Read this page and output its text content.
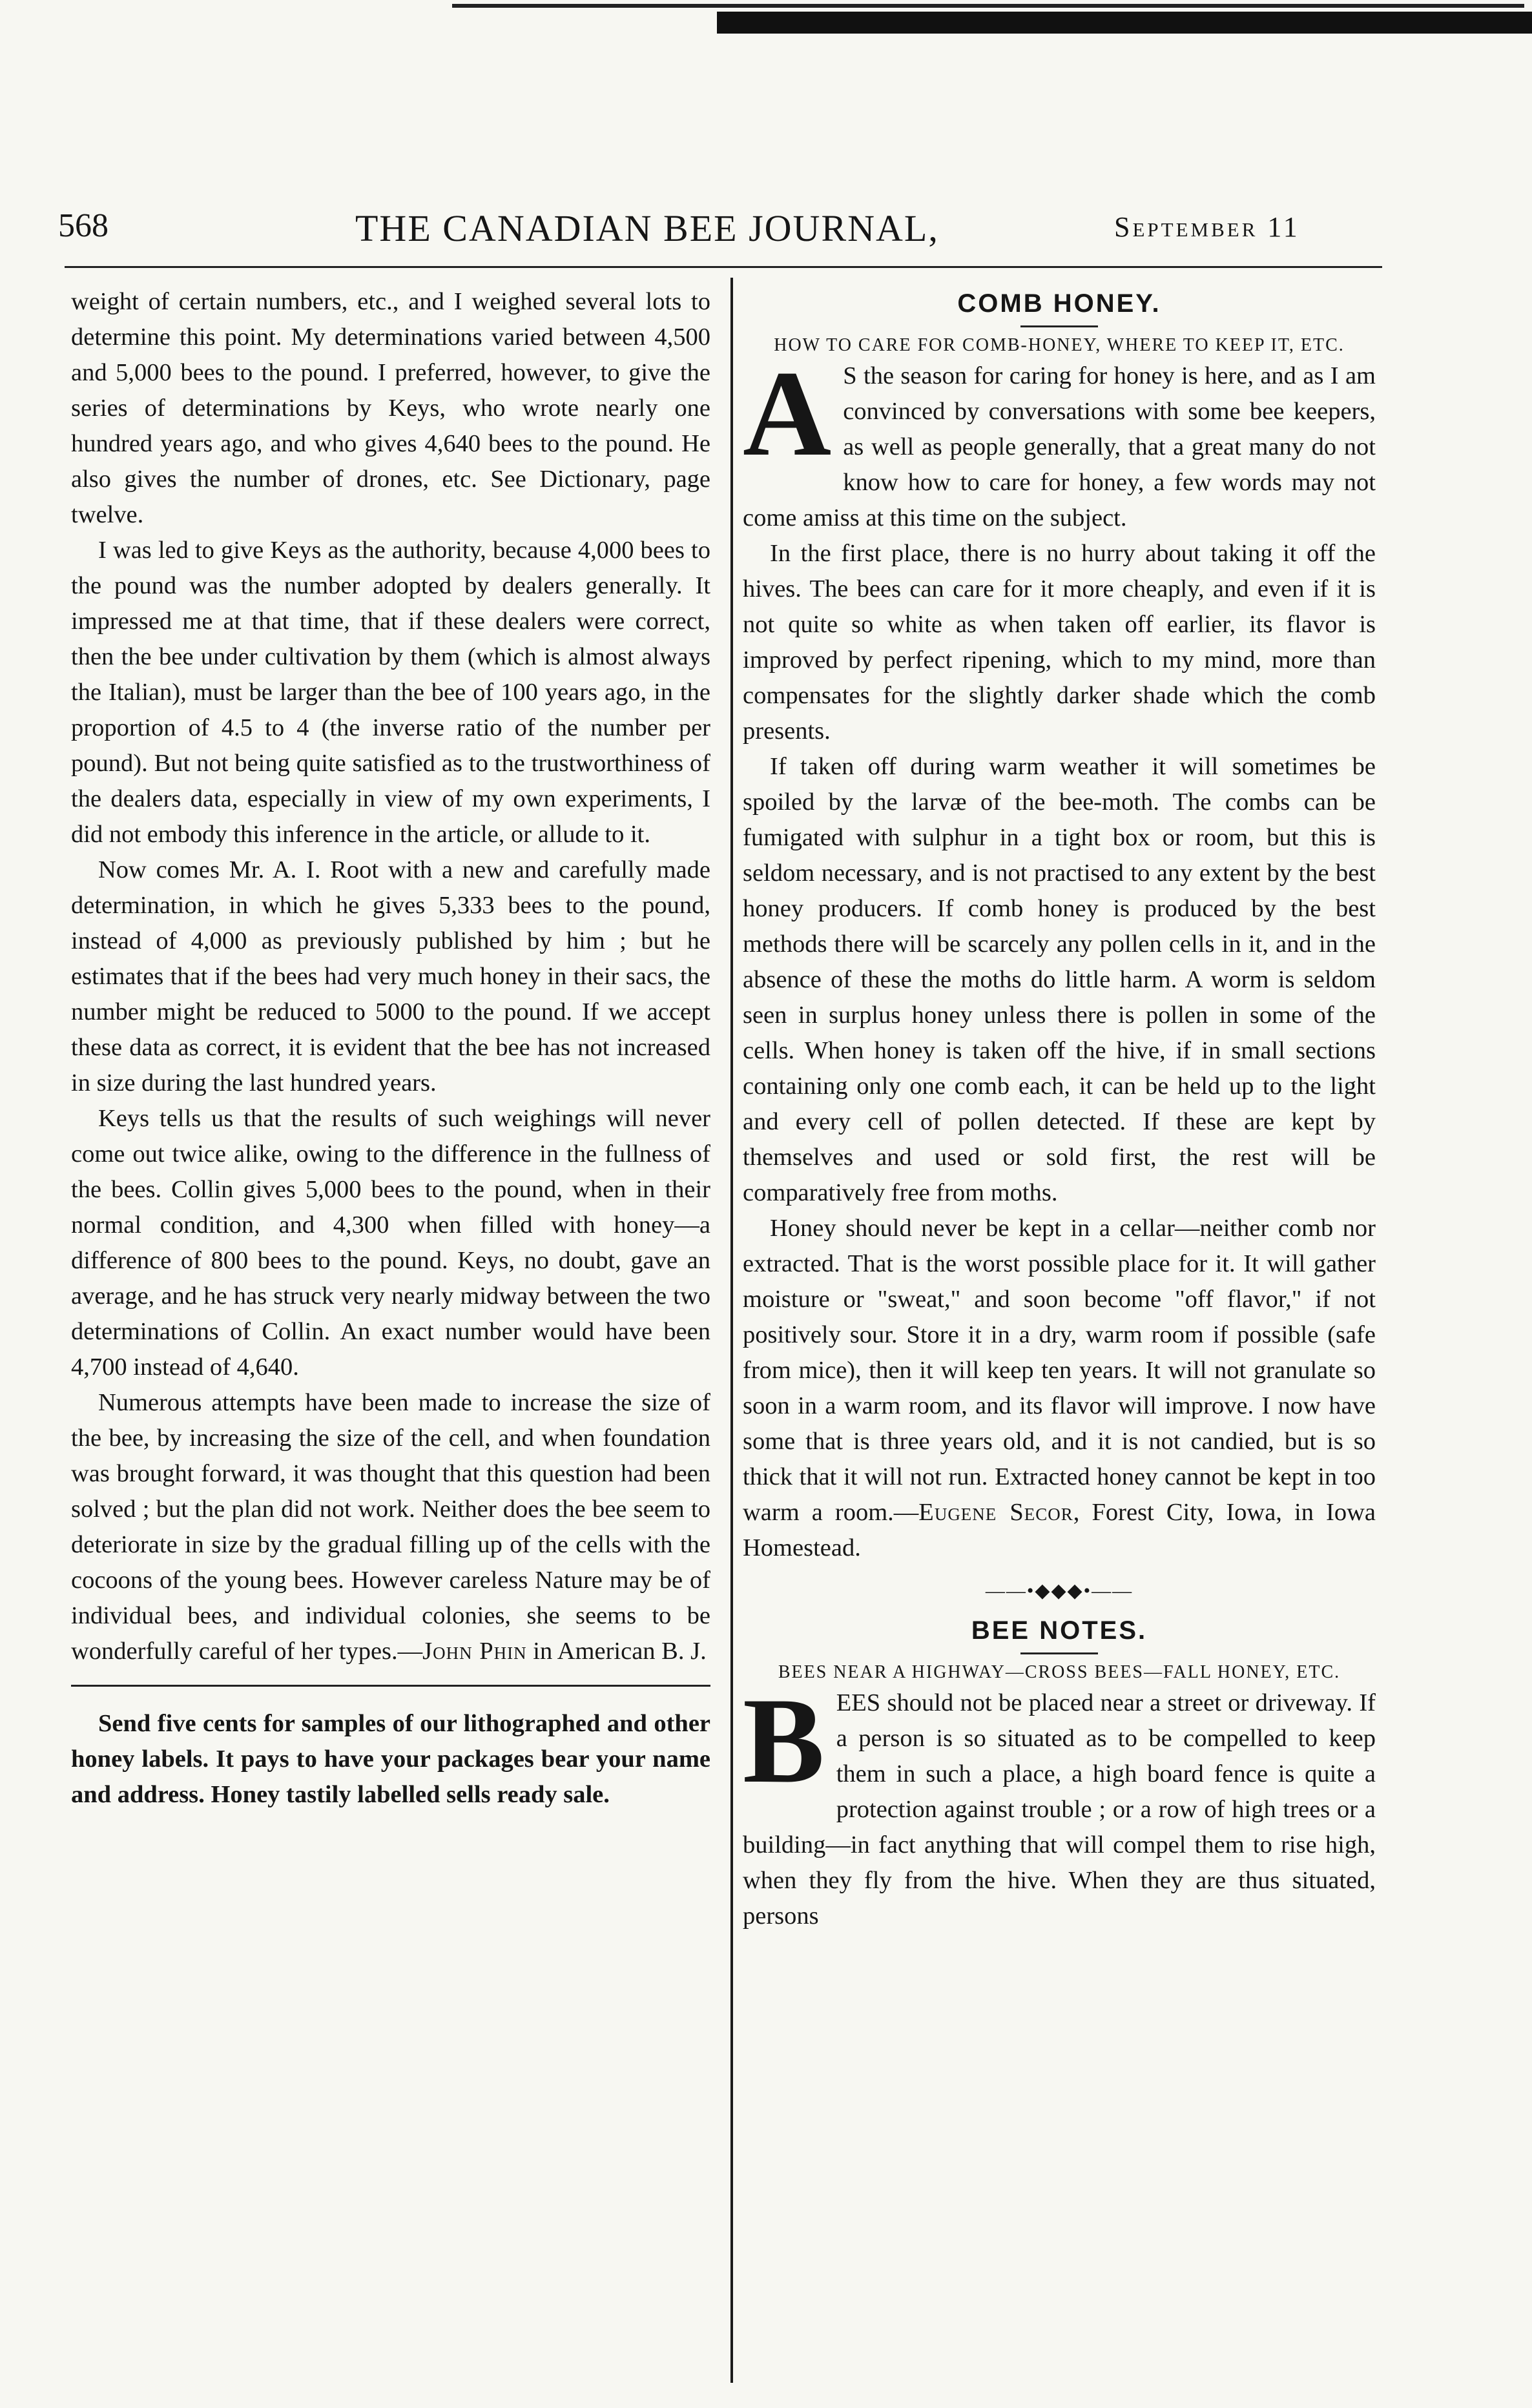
568	THE CANADIAN BEE JOURNAL,	September 11

weight of certain numbers, etc., and I weighed several lots to determine this point. My determinations varied between 4,500 and 5,000 bees to the pound. I preferred, however, to give the series of determinations by Keys, who wrote nearly one hundred years ago, and who gives 4,640 bees to the pound. He also gives the number of drones, etc. See Dictionary, page twelve.

I was led to give Keys as the authority, because 4,000 bees to the pound was the number adopted by dealers generally. It impressed me at that time, that if these dealers were correct, then the bee under cultivation by them (which is almost always the Italian), must be larger than the bee of 100 years ago, in the proportion of 4.5 to 4 (the inverse ratio of the number per pound). But not being quite satisfied as to the trustworthiness of the dealers data, especially in view of my own experiments, I did not embody this inference in the article, or allude to it.

Now comes Mr. A. I. Root with a new and carefully made determination, in which he gives 5,333 bees to the pound, instead of 4,000 as previously published by him ; but he estimates that if the bees had very much honey in their sacs, the number might be reduced to 5000 to the pound. If we accept these data as correct, it is evident that the bee has not increased in size during the last hundred years.

Keys tells us that the results of such weighings will never come out twice alike, owing to the difference in the fullness of the bees. Collin gives 5,000 bees to the pound, when in their normal condition, and 4,300 when filled with honey—a difference of 800 bees to the pound. Keys, no doubt, gave an average, and he has struck very nearly midway between the two determinations of Collin. An exact number would have been 4,700 instead of 4,640.

Numerous attempts have been made to increase the size of the bee, by increasing the size of the cell, and when foundation was brought forward, it was thought that this question had been solved ; but the plan did not work. Neither does the bee seem to deteriorate in size by the gradual filling up of the cells with the cocoons of the young bees. However careless Nature may be of individual bees, and individual colonies, she seems to be wonderfully careful of her types.—John Phin in American B. J.

Send five cents for samples of our lithographed and other honey labels. It pays to have your packages bear your name and address. Honey tastily labelled sells ready sale.

COMB HONEY.
HOW TO CARE FOR COMB-HONEY, WHERE TO KEEP IT, ETC.

A S the season for caring for honey is here, and as I am convinced by conversations with some bee keepers, as well as people generally, that a great many do not know how to care for honey, a few words may not come amiss at this time on the subject.

In the first place, there is no hurry about taking it off the hives. The bees can care for it more cheaply, and even if it is not quite so white as when taken off earlier, its flavor is improved by perfect ripening, which to my mind, more than compensates for the slightly darker shade which the comb presents.

If taken off during warm weather it will sometimes be spoiled by the larvæ of the bee-moth. The combs can be fumigated with sulphur in a tight box or room, but this is seldom necessary, and is not practised to any extent by the best honey producers. If comb honey is produced by the best methods there will be scarcely any pollen cells in it, and in the absence of these the moths do little harm. A worm is seldom seen in surplus honey unless there is pollen in some of the cells. When honey is taken off the hive, if in small sections containing only one comb each, it can be held up to the light and every cell of pollen detected. If these are kept by themselves and used or sold first, the rest will be comparatively free from moths.

Honey should never be kept in a cellar—neither comb nor extracted. That is the worst possible place for it. It will gather moisture or "sweat," and soon become "off flavor," if not positively sour. Store it in a dry, warm room if possible (safe from mice), then it will keep ten years. It will not granulate so soon in a warm room, and its flavor will improve. I now have some that is three years old, and it is not candied, but is so thick that it will not run. Extracted honey cannot be kept in too warm a room.—Eugene Secor, Forest City, Iowa, in Iowa Homestead.

——•◆◆◆•——
BEE NOTES.
BEES NEAR A HIGHWAY—CROSS BEES—FALL HONEY, ETC.

BEES should not be placed near a street or driveway. If a person is so situated as to be compelled to keep them in such a place, a high board fence is quite a protection against trouble ; or a row of high trees or a building—in fact anything that will compel them to rise high, when they fly from the hive. When they are thus situated, persons
